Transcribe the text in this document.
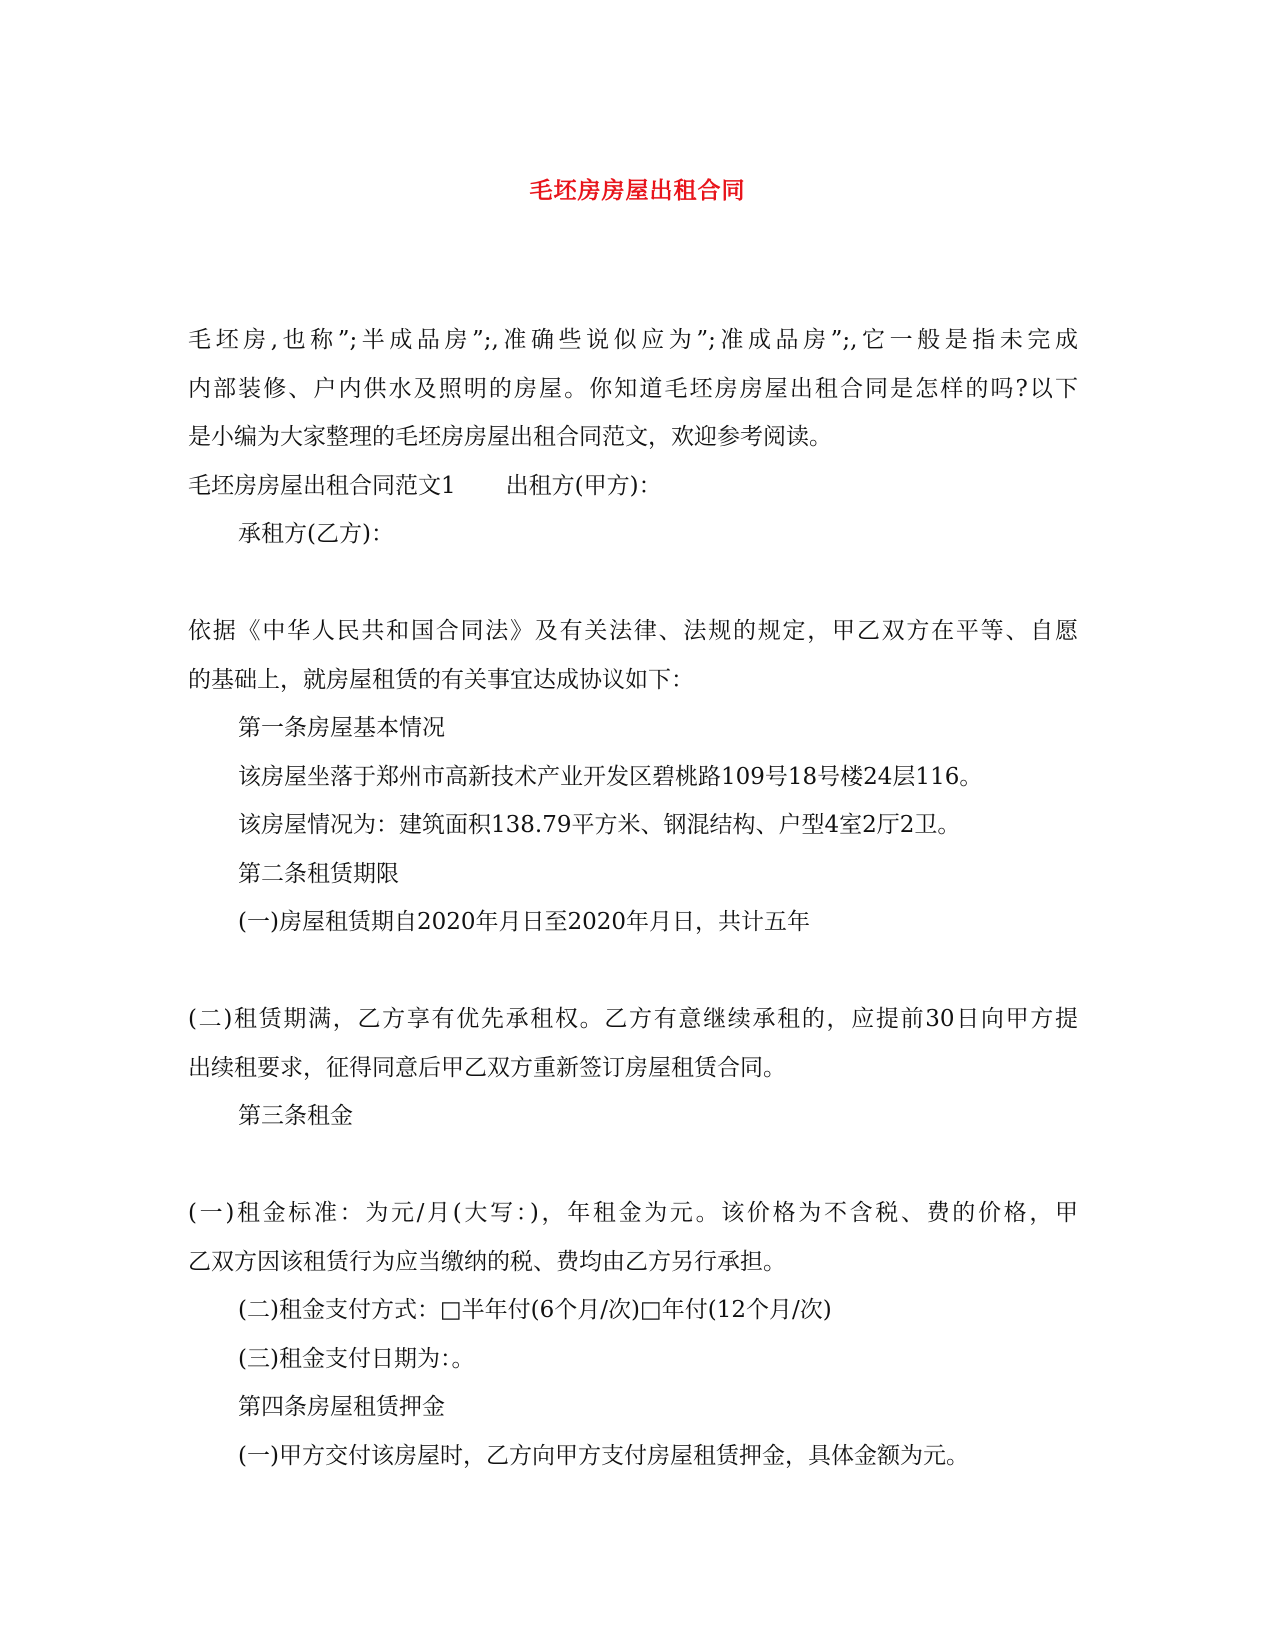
毛坯房房屋出租合同
毛坯房,也称”;半成品房”;,准确些说似应为”;准成品房”;,它一般是指未完成
内部装修、户内供水及照明的房屋。你知道毛坯房房屋出租合同是怎样的吗?以下
是小编为大家整理的毛坯房房屋出租合同范文，欢迎参考阅读。
毛坯房房屋出租合同范文1 出租方(甲方)：
承租方(乙方)：
依据《中华人民共和国合同法》及有关法律、法规的规定，甲乙双方在平等、自愿
的基础上，就房屋租赁的有关事宜达成协议如下：
第一条房屋基本情况
该房屋坐落于郑州市高新技术产业开发区碧桃路109号18号楼24层116。
该房屋情况为：建筑面积138.79平方米、钢混结构、户型4室2厅2卫。
第二条租赁期限
(一)房屋租赁期自2020年月日至2020年月日，共计五年
(二)租赁期满，乙方享有优先承租权。乙方有意继续承租的，应提前30日向甲方提
出续租要求，征得同意后甲乙双方重新签订房屋租赁合同。
第三条租金
(一)租金标准：为元/月(大写：)，年租金为元。该价格为不含税、费的价格，甲
乙双方因该租赁行为应当缴纳的税、费均由乙方另行承担。
(二)租金支付方式：□半年付(6个月/次)□年付(12个月/次)
(三)租金支付日期为：。
第四条房屋租赁押金
(一)甲方交付该房屋时，乙方向甲方支付房屋租赁押金，具体金额为元。
